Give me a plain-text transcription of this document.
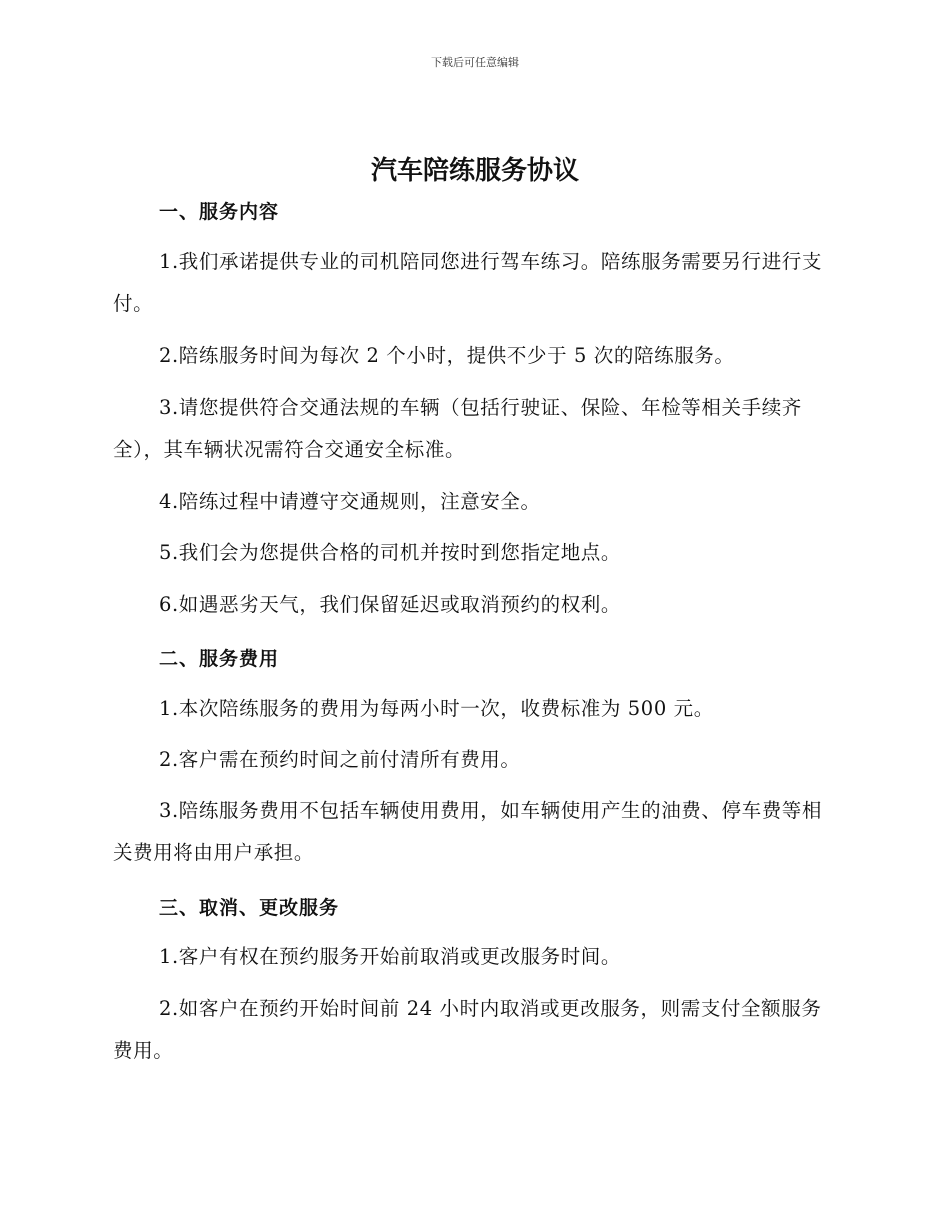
下载后可任意编辑
汽车陪练服务协议
一、服务内容

1.我们承诺提供专业的司机陪同您进行驾车练习。陪练服务需要另行进行支付。

2.陪练服务时间为每次 2 个小时，提供不少于 5 次的陪练服务。

3.请您提供符合交通法规的车辆（包括行驶证、保险、年检等相关手续齐全），其车辆状况需符合交通安全标准。

4.陪练过程中请遵守交通规则，注意安全。

5.我们会为您提供合格的司机并按时到您指定地点。

6.如遇恶劣天气，我们保留延迟或取消预约的权利。

二、服务费用

1.本次陪练服务的费用为每两小时一次，收费标准为 500 元。

2.客户需在预约时间之前付清所有费用。

3.陪练服务费用不包括车辆使用费用，如车辆使用产生的油费、停车费等相关费用将由用户承担。

三、取消、更改服务

1.客户有权在预约服务开始前取消或更改服务时间。

2.如客户在预约开始时间前 24 小时内取消或更改服务，则需支付全额服务费用。
